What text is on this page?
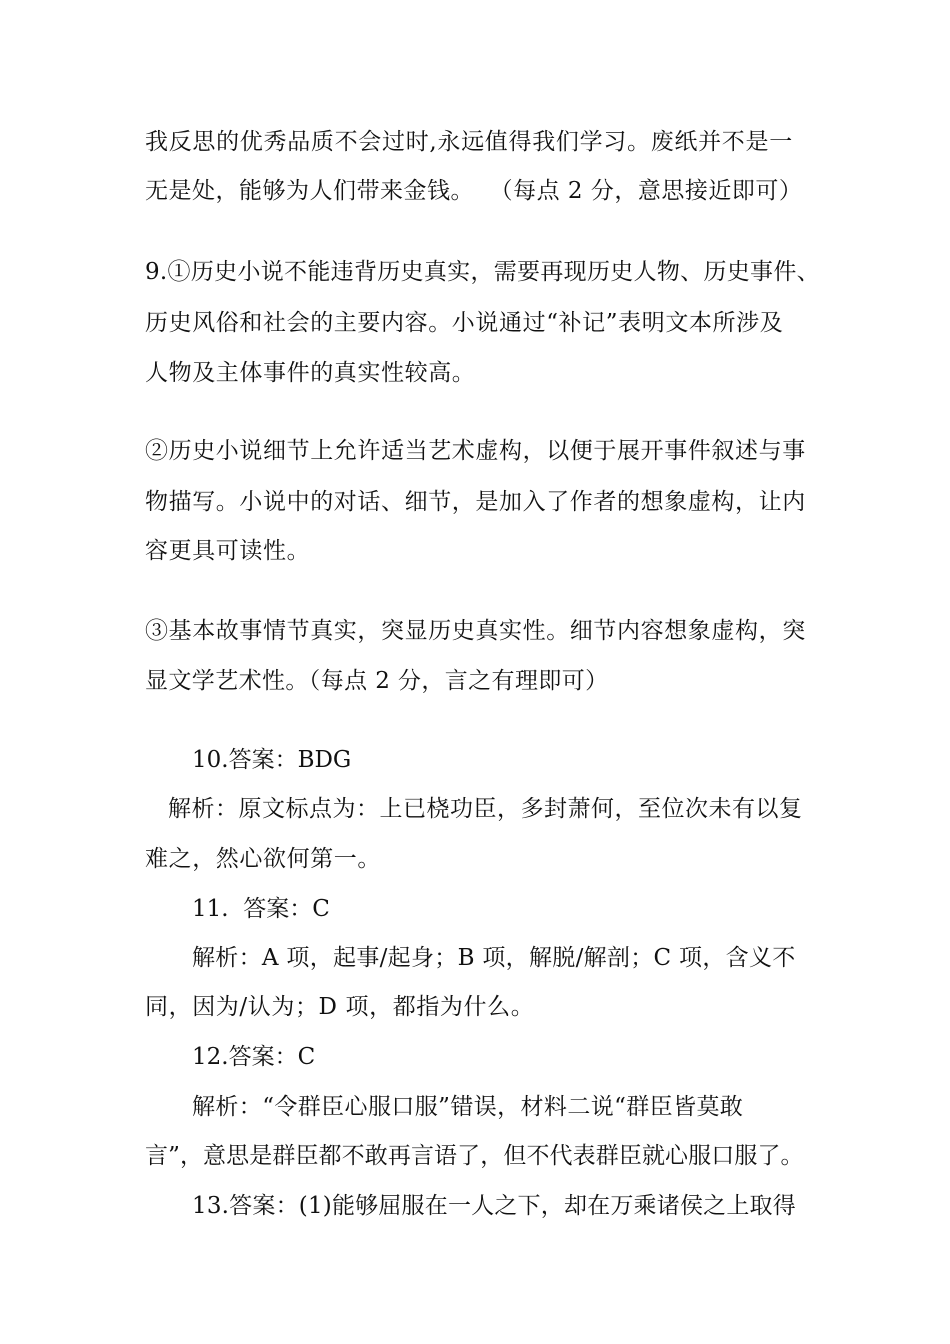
我反思的优秀品质不会过时,永远值得我们学习。废纸并不是一
无是处，能够为人们带来金钱。  （每点 2 分，意思接近即可）
9.①历史小说不能违背历史真实，需要再现历史人物、历史事件、
历史风俗和社会的主要内容。小说通过“补记”表明文本所涉及
人物及主体事件的真实性较高。
②历史小说细节上允许适当艺术虚构，以便于展开事件叙述与事
物描写。小说中的对话、细节，是加入了作者的想象虚构，让内
容更具可读性。
③基本故事情节真实，突显历史真实性。细节内容想象虚构，突
显文学艺术性。（每点 2 分，言之有理即可）
10.答案：BDG
解析：原文标点为：上已桡功臣，多封萧何，至位次未有以复
难之，然心欲何第一。
11.  答案：C
解析：A 项，起事/起身；B 项，解脱/解剖；C 项，含义不
同，因为/认为；D 项，都指为什么。
12.答案：C
解析：“令群臣心服口服”错误，材料二说“群臣皆莫敢
言”，意思是群臣都不敢再言语了，但不代表群臣就心服口服了。
13.答案：(1)能够屈服在一人之下，却在万乘诸侯之上取得
